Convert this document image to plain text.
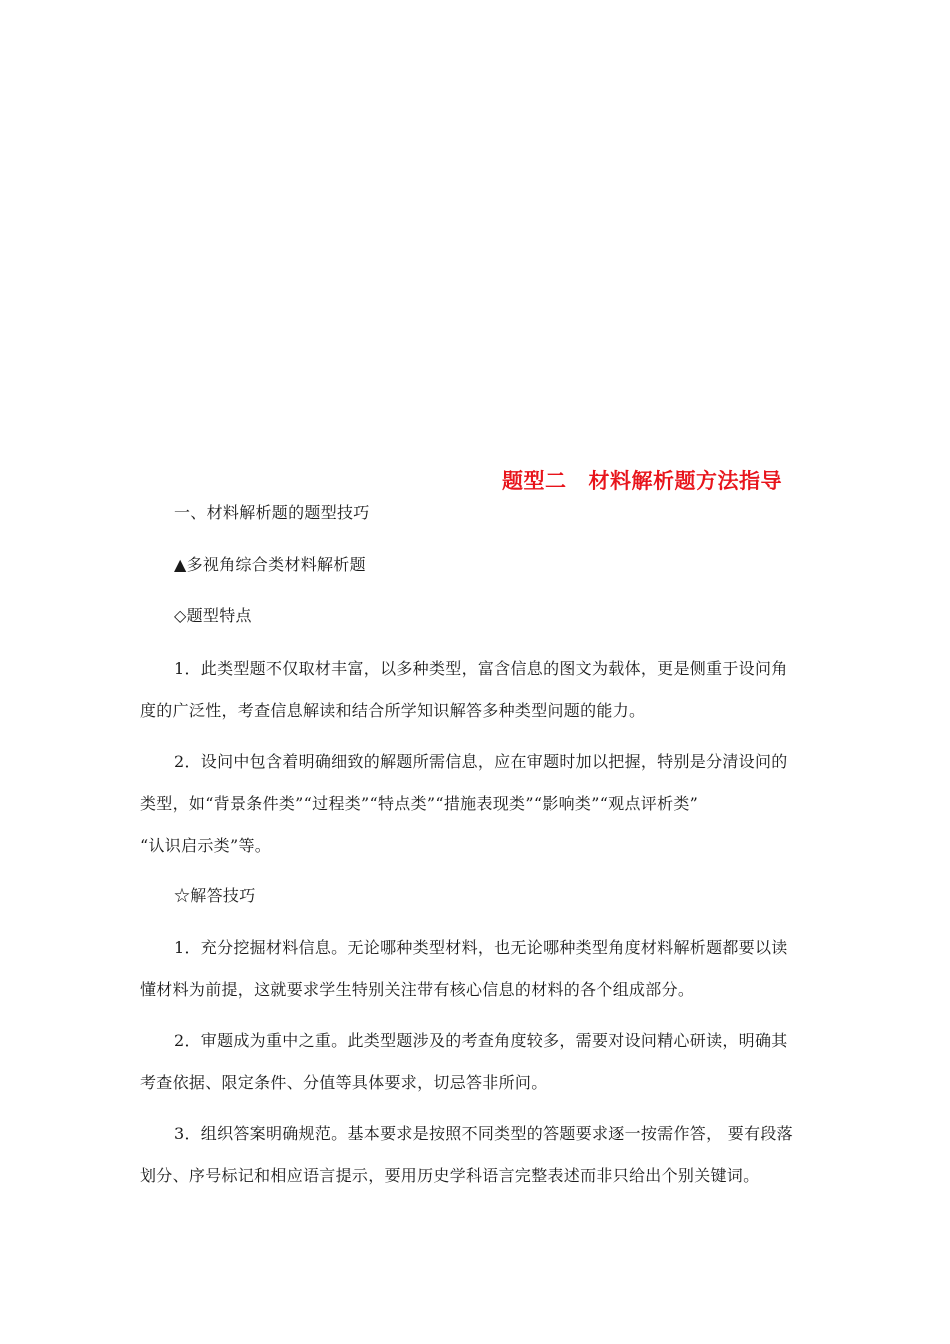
题型二 材料解析题方法指导
一、材料解析题的题型技巧
▲多视角综合类材料解析题
◇题型特点
1．此类型题不仅取材丰富，以多种类型，富含信息的图文为载体，更是侧重于设问角
度的广泛性，考查信息解读和结合所学知识解答多种类型问题的能力。
2．设问中包含着明确细致的解题所需信息，应在审题时加以把握，特别是分清设问的
类型，如“背景条件类”“过程类”“特点类”“措施表现类”“影响类”“观点评析类”
“认识启示类”等。
☆解答技巧
1．充分挖掘材料信息。无论哪种类型材料，也无论哪种类型角度材料解析题都要以读
懂材料为前提，这就要求学生特别关注带有核心信息的材料的各个组成部分。
2．审题成为重中之重。此类型题涉及的考查角度较多，需要对设问精心研读，明确其
考查依据、限定条件、分值等具体要求，切忌答非所问。
3．组织答案明确规范。基本要求是按照不同类型的答题要求逐一按需作答， 要有段落
划分、序号标记和相应语言提示，要用历史学科语言完整表述而非只给出个别关键词。
